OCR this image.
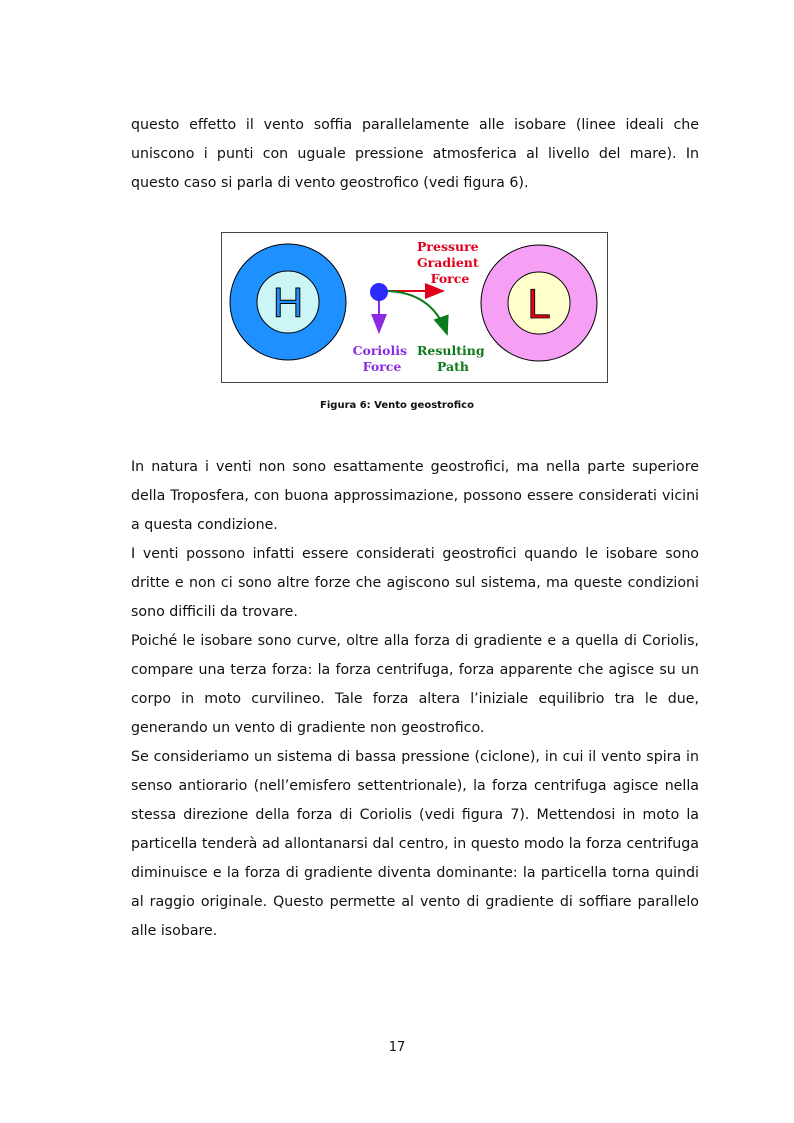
questo effetto il vento soffia parallelamente alle isobare (linee ideali che uniscono i punti con uguale pressione atmosferica al livello del mare). In questo caso si parla di vento geostrofico (vedi figura 6).

H	L
Pressure Gradient Force
Coriolis Force
Resulting Path
Figura 6: Vento geostrofico
In natura i venti non sono esattamente geostrofici, ma nella parte superiore della Troposfera, con buona approssimazione, possono essere considerati vicini a questa condizione.
I venti possono infatti essere considerati geostrofici quando le isobare sono dritte e non ci sono altre forze che agiscono sul sistema, ma queste condizioni sono difficili da trovare.
Poiché le isobare sono curve, oltre alla forza di gradiente e a quella di Coriolis, compare una terza forza: la forza centrifuga, forza apparente che agisce su un corpo in moto curvilineo. Tale forza altera l’iniziale equilibrio tra le due, generando un vento di gradiente non geostrofico.
Se consideriamo un sistema di bassa pressione (ciclone), in cui il vento spira in senso antiorario (nell’emisfero settentrionale), la forza centrifuga agisce nella stessa direzione della forza di Coriolis (vedi figura 7). Mettendosi in moto la particella tenderà ad allontanarsi dal centro, in questo modo la forza centrifuga diminuisce e la forza di gradiente diventa dominante: la particella torna quindi al raggio originale. Questo permette al vento di gradiente di soffiare parallelo alle isobare.
17
